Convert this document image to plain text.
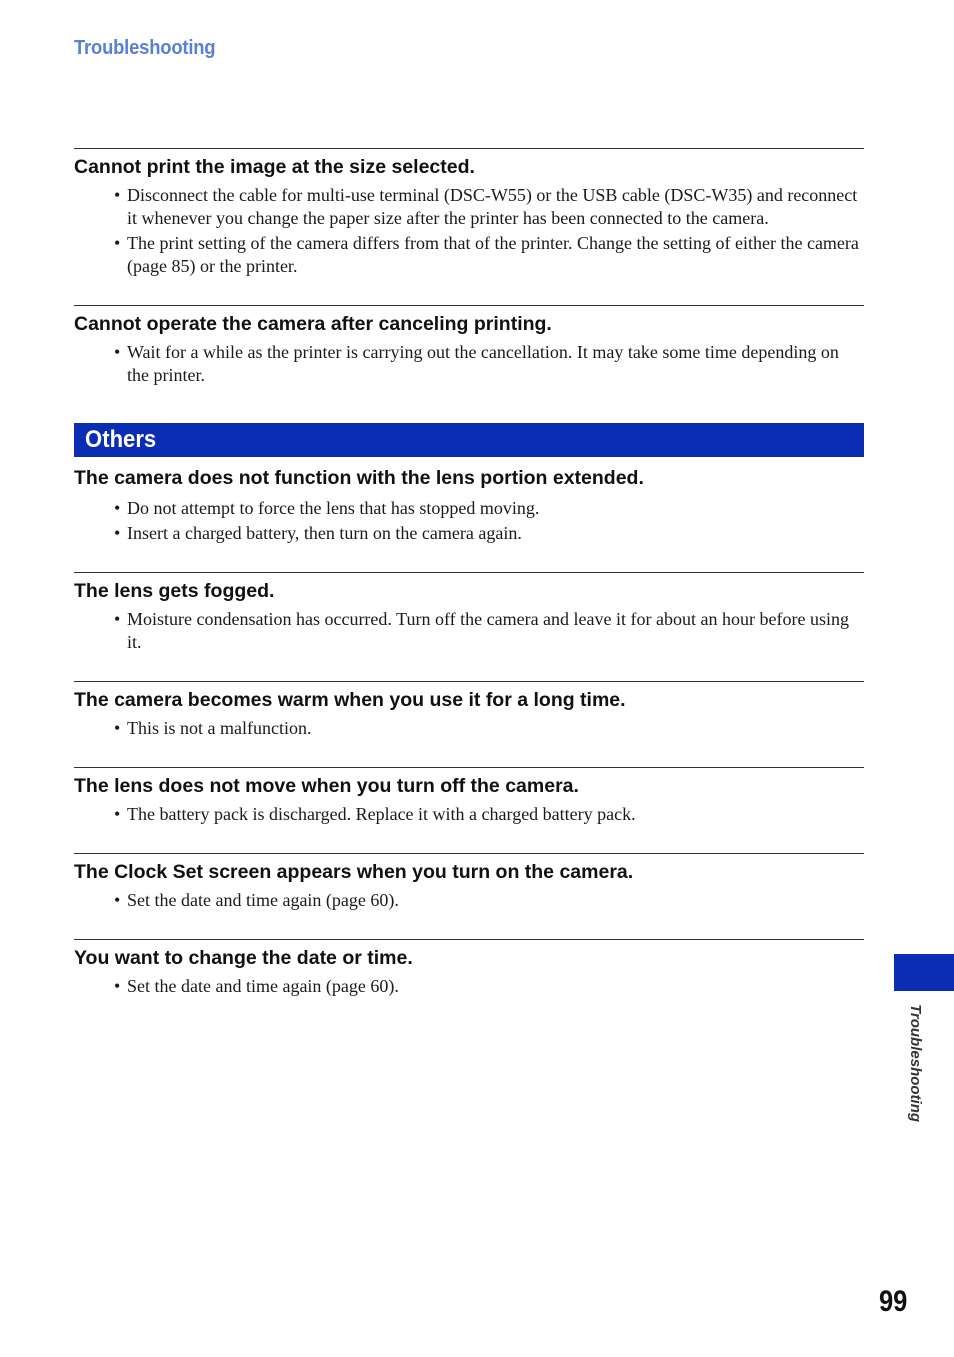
Troubleshooting
Cannot print the image at the size selected.
• Disconnect the cable for multi-use terminal (DSC-W55) or the USB cable (DSC-W35) and reconnect it whenever you change the paper size after the printer has been connected to the camera.
• The print setting of the camera differs from that of the printer. Change the setting of either the camera (page 85) or the printer.
Cannot operate the camera after canceling printing.
• Wait for a while as the printer is carrying out the cancellation. It may take some time depending on the printer.
Others
The camera does not function with the lens portion extended.
• Do not attempt to force the lens that has stopped moving.
• Insert a charged battery, then turn on the camera again.
The lens gets fogged.
• Moisture condensation has occurred. Turn off the camera and leave it for about an hour before using it.
The camera becomes warm when you use it for a long time.
• This is not a malfunction.
The lens does not move when you turn off the camera.
• The battery pack is discharged. Replace it with a charged battery pack.
The Clock Set screen appears when you turn on the camera.
• Set the date and time again (page 60).
You want to change the date or time.
• Set the date and time again (page 60).
Troubleshooting
99
